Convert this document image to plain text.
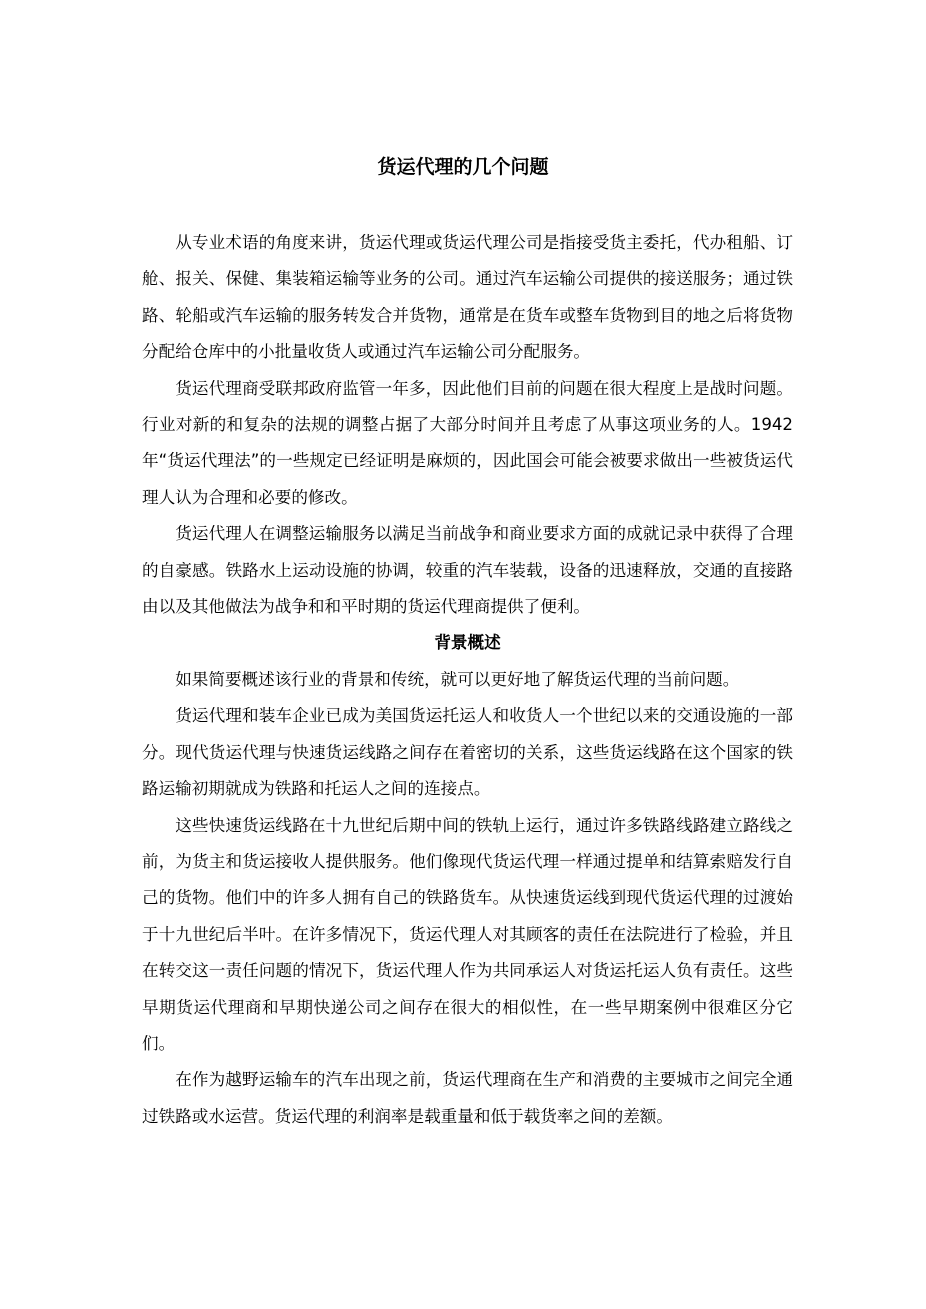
货运代理的几个问题

从专业术语的角度来讲，货运代理或货运代理公司是指接受货主委托，代办租船、订舱、报关、保健、集装箱运输等业务的公司。通过汽车运输公司提供的接送服务；通过铁路、轮船或汽车运输的服务转发合并货物，通常是在货车或整车货物到目的地之后将货物分配给仓库中的小批量收货人或通过汽车运输公司分配服务。

货运代理商受联邦政府监管一年多，因此他们目前的问题在很大程度上是战时问题。行业对新的和复杂的法规的调整占据了大部分时间并且考虑了从事这项业务的人。1942 年“货运代理法”的一些规定已经证明是麻烦的，因此国会可能会被要求做出一些被货运代理人认为合理和必要的修改。

货运代理人在调整运输服务以满足当前战争和商业要求方面的成就记录中获得了合理的自豪感。铁路水上运动设施的协调，较重的汽车装载，设备的迅速释放，交通的直接路由以及其他做法为战争和和平时期的货运代理商提供了便利。

背景概述

如果简要概述该行业的背景和传统，就可以更好地了解货运代理的当前问题。

货运代理和装车企业已成为美国货运托运人和收货人一个世纪以来的交通设施的一部分。现代货运代理与快速货运线路之间存在着密切的关系，这些货运线路在这个国家的铁路运输初期就成为铁路和托运人之间的连接点。

这些快速货运线路在十九世纪后期中间的铁轨上运行，通过许多铁路线路建立路线之前，为货主和货运接收人提供服务。他们像现代货运代理一样通过提单和结算索赔发行自己的货物。他们中的许多人拥有自己的铁路货车。从快速货运线到现代货运代理的过渡始于十九世纪后半叶。在许多情况下，货运代理人对其顾客的责任在法院进行了检验，并且在转交这一责任问题的情况下，货运代理人作为共同承运人对货运托运人负有责任。这些早期货运代理商和早期快递公司之间存在很大的相似性，在一些早期案例中很难区分它们。

在作为越野运输车的汽车出现之前，货运代理商在生产和消费的主要城市之间完全通过铁路或水运营。货运代理的利润率是载重量和低于载货率之间的差额。
